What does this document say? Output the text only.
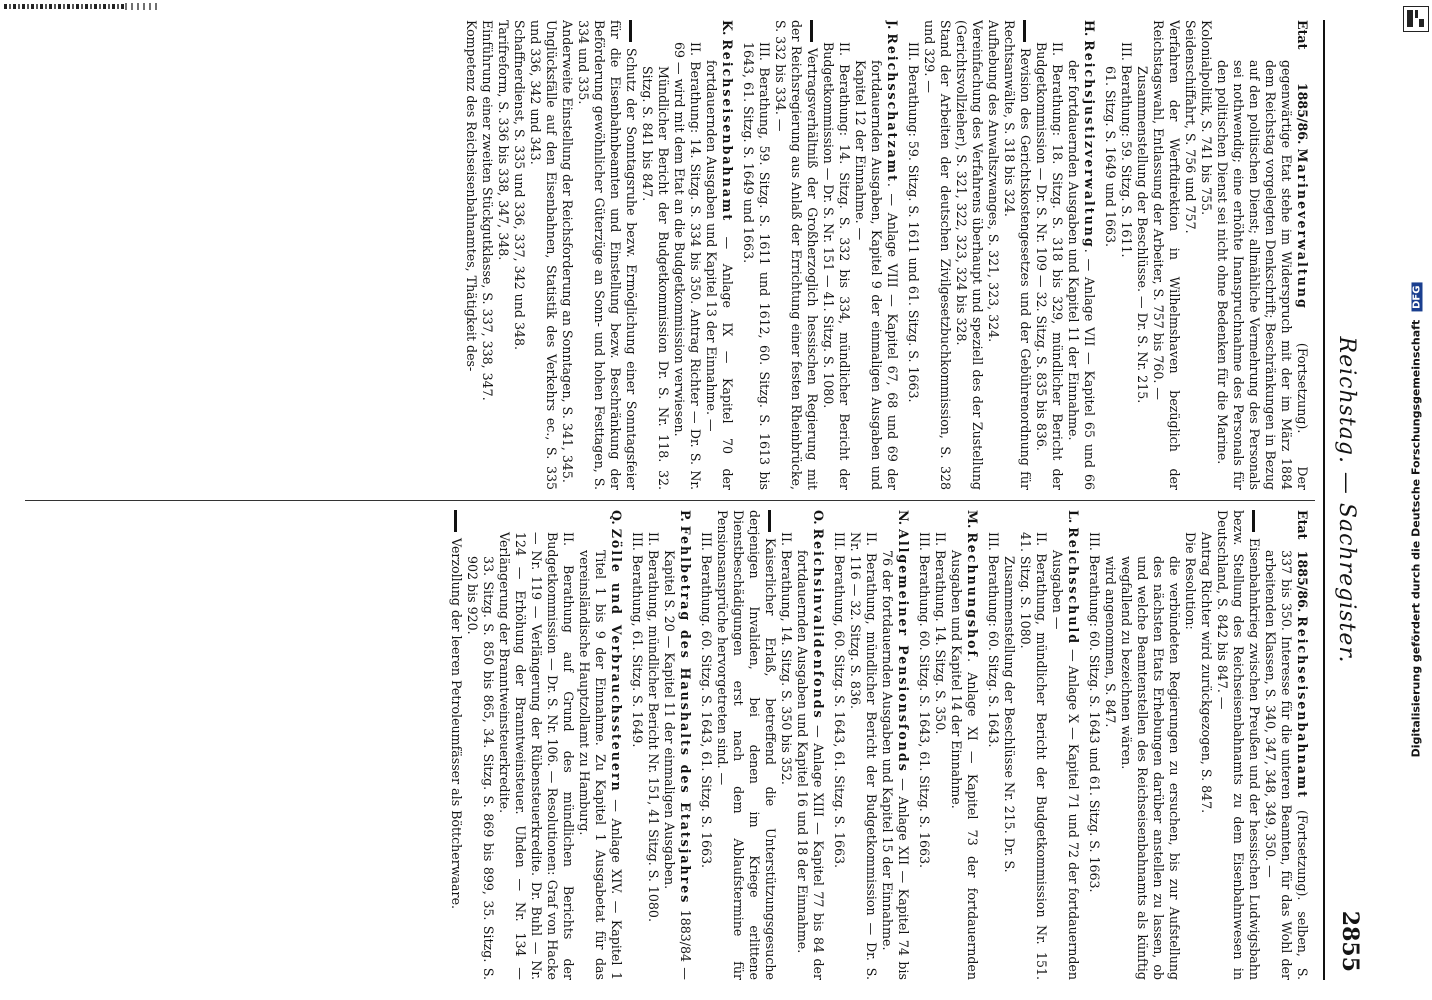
Reichstag. — Sachregister.
2855

Etat 1885/86.Marineverwaltung (Fortsetzung). Der gegenwärtige Etat stehe im Widerspruch mit der im März 1884 dem Reichstag vorgelegten Denkschrift; Beschränkungen in Bezug auf den politischen Dienst; allmähliche Vermehrung des Personals sei nothwendig; eine erhöhte Inanspruchnahme des Personals für den politischen Dienst sei nicht ohne Bedenken für die Marine.

Kolonialpolitik, S. 741 bis 755.

Seidenschiffahrt, S. 756 und 757.

Verfahren der Werftdirektion in Wilhelmshaven bezüglich der Reichstagswahl, Entlassung der Arbeiter, S. 757 bis 760. —

Zusammenstellung der Beschlüsse. — Dr. S. Nr. 215.

III. Berathung: 59. Sitzg. S. 1611.

61. Sitzg. S. 1649 und 1663.

H.Reichsjustizverwaltung. — Anlage VII — Kapitel 65 und 66 der fortdauernden Ausgaben und Kapitel 11 der Einnahme.

II. Berathung: 18. Sitzg. S. 318 bis 329, mündlicher Bericht der Budgetkommission — Dr. S. Nr. 109 — 32. Sitzg. S. 835 bis 836.

Revision des Gerichtskostengesetzes und der Gebührenordnung für Rechtsanwälte, S. 318 bis 324.

Aufhebung des Anwaltszwanges, S. 321, 323, 324.

Vereinfachung des Verfahrens überhaupt und speziell des der Zustellung (Gerichtsvollzieher), S. 321, 322, 323, 324 bis 328.

Stand der Arbeiten der deutschen Zivilgesetzbuchkommission, S. 328 und 329. —

III. Berathung: 59. Sitzg. S. 1611 und 61. Sitzg. S. 1663.

J.Reichsschatzamt. — Anlage VIII — Kapitel 67, 68 und 69 der fortdauernden Ausgaben, Kapitel 9 der einmaligen Ausgaben und Kapitel 12 der Einnahme. —

II. Berathung: 14. Sitzg. S. 332 bis 334, mündlicher Bericht der Budgetkommission — Dr. S. Nr. 151 — 41. Sitzg. S. 1080.

Vertragsverhältniß der Großherzoglich hessischen Regierung mit der Reichsregierung aus Anlaß der Errichtung einer festen Rheinbrücke, S. 332 bis 334. —

III. Berathung, 59. Sitzg. S. 1611 und 1612, 60. Sitzg. S. 1613 bis 1643, 61. Sitzg. S. 1649 und 1663.

K.Reichseisenbahnamt — Anlage IX — Kapitel 70 der fortdauernden Ausgaben und Kapitel 13 der Einnahme. —

II. Berathung: 14. Sitzg. S. 334 bis 350. Antrag Richter — Dr. S. Nr. 69 — wird mit dem Etat an die Budgetkommission verwiesen.

Mündlicher Bericht der Budgetkommission Dr. S. Nr. 118. 32. Sitzg. S. 841 bis 847.

Schutz der Sonntagsruhe bezw. Ermöglichung einer Sonntagsfeier für die Eisenbahnbeamten und Einstellung bezw. Beschränkung der Beförderung gewöhnlicher Güterzüge an Sonn- und hohen Festtagen, S. 334 und 335.

Anderweite Einstellung der Reichsforderung an Sonntagen, S. 341, 345.

Unglücksfälle auf den Eisenbahnen, Statistik des Verkehrs ec., S. 335 und 336, 342 und 343.

Schaffnerdienst, S. 335 und 336, 337, 342 und 348.

Tarifreform, S. 336 bis 338, 347, 348.

Einführung einer zweiten Stückgutklasse, S. 337, 338, 347.

Kompetenz des Reichseisenbahnamtes, Thätigkeit des-

Etat 1885/86.Reichseisenbahnamt (Fortsetzung). selben, S. 337 bis 350. Interesse für die unteren Beamten, für das Wohl der arbeitenden Klassen, S. 340, 347, 348, 349, 350. —

Eisenbahnkrieg zwischen Preußen und der hessischen Ludwigsbahn bezw. Stellung des Reichseisenbahnamts zu dem Eisenbahnwesen in Deutschland, S. 842 bis 847. —

Antrag Richter wird zurückgezogen, S. 847.

Die Resolution:

die verbündeten Regierungen zu ersuchen, bis zur Aufstellung des nächsten Etats Erhebungen darüber anstellen zu lassen, ob und welche Beamtenstellen des Reichseisenbahnamts als künftig wegfallend zu bezeichnen wären.

wird angenommen, S. 847.

III. Berathung: 60. Sitzg. S. 1643 und 61. Sitzg. S. 1663.

L.Reichsschuld — Anlage X — Kapitel 71 und 72 der fortdauernden Ausgaben —

II. Berathung, mündlicher Bericht der Budgetkommission Nr. 151. 41. Sitzg. S. 1080.

Zusammenstellung der Beschlüsse Nr. 215. Dr. S.

III. Berathung: 60. Sitzg. S. 1643.

M.Rechnungshof. Anlage XI — Kapitel 73 der fortdauernden Ausgaben und Kapitel 14 der Einnahme.

II. Berathung. 14. Sitzg. S. 350.

III. Berathung. 60. Sitzg. S. 1643, 61. Sitzg. S. 1663.

N.Allgemeiner Pensionsfonds — Anlage XII — Kapitel 74 bis 76 der fortdauernden Ausgaben und Kapitel 15 der Einnahme.

II. Berathung, mündlicher Bericht der Budgetkommission — Dr. S. Nr. 116 — 32. Sitzg. S. 836.

III. Berathung, 60. Sitzg. S. 1643, 61. Sitzg. S. 1663.

O.Reichsinvalidenfonds — Anlage XIII — Kapitel 77 bis 84 der fortdauernden Ausgaben und Kapitel 16 und 18 der Einnahme.

II. Berathung, 14. Sitzg. S. 350 bis 352.

Kaiserlicher Erlaß, betreffend die Unterstützungsgesuche derjenigen Invaliden, bei denen im Kriege erlittene Dienstbeschädigungen erst nach dem Ablaufstermine für Pensionsansprüche hervorgetreten sind. —

III. Berathung. 60. Sitzg. S. 1643, 61. Sitzg. S. 1663.

P.Fehlbetrag des Haushalts des Etatsjahres 1883/84 — Kapitel S. 20 — Kapitel 11 der einmaligen Ausgaben.

II. Berathung, mündlicher Bericht Nr. 151, 41 Sitzg. S. 1080.

III. Berathung, 61. Sitzg. S. 1649.

Q.Zölle und Verbrauchssteuern — Anlage XIV. — Kapitel 1 Titel 1 bis 9 der Einnahme. Zu Kapitel 1 Ausgabetat für das vereinsländische Hauptzollamt zu Hamburg.

II. Berathung auf Grund des mündlichen Berichts der Budgetkommission — Dr. S. Nr. 106. — Resolutionen: Graf von Hacke — Nr. 119 — Verlängerung der Rübensteuerkredite. Dr. Buhl — Nr. 124 — Erhöhung der Branntweinsteuer. Uhden — Nr. 134 — Verlängerung der Branntweinsteuerkredite.

33. Sitzg. S. 850 bis 865, 34. Sitzg. S. 869 bis 899, 35. Sitzg. S. 902 bis 920.

Verzollung der leeren Petroleumfässer als Böttcherwaare.	Digitalisierung gefördert durch die Deutsche Forschungsgemeinschaft DFG
